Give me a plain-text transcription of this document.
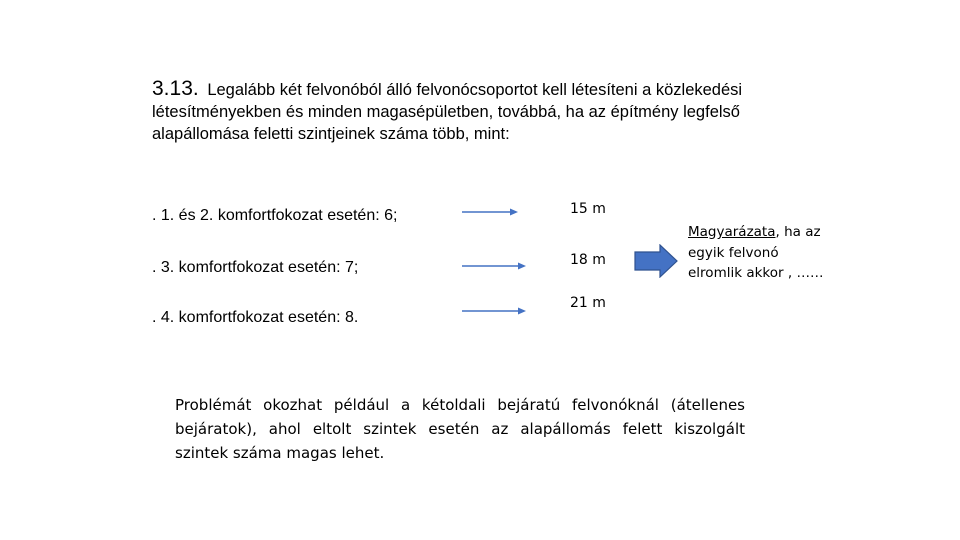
3.13. Legalább két felvonóból álló felvonócsoportot kell létesíteni a közlekedési létesítményekben és minden magasépületben, továbbá, ha az építmény legfelső alapállomása feletti szintjeinek száma több, mint:
. 1. és 2. komfortfokozat esetén: 6;
. 3. komfortfokozat esetén: 7;
. 4. komfortfokozat esetén: 8.
15 m
18 m
21 m
Magyarázata, ha az egyik felvonó elromlik akkor , ……
Problémát okozhat például a kétoldali bejáratú felvonóknál (átellenes bejáratok), ahol eltolt szintek esetén az alapállomás felett kiszolgált szintek száma magas lehet.
